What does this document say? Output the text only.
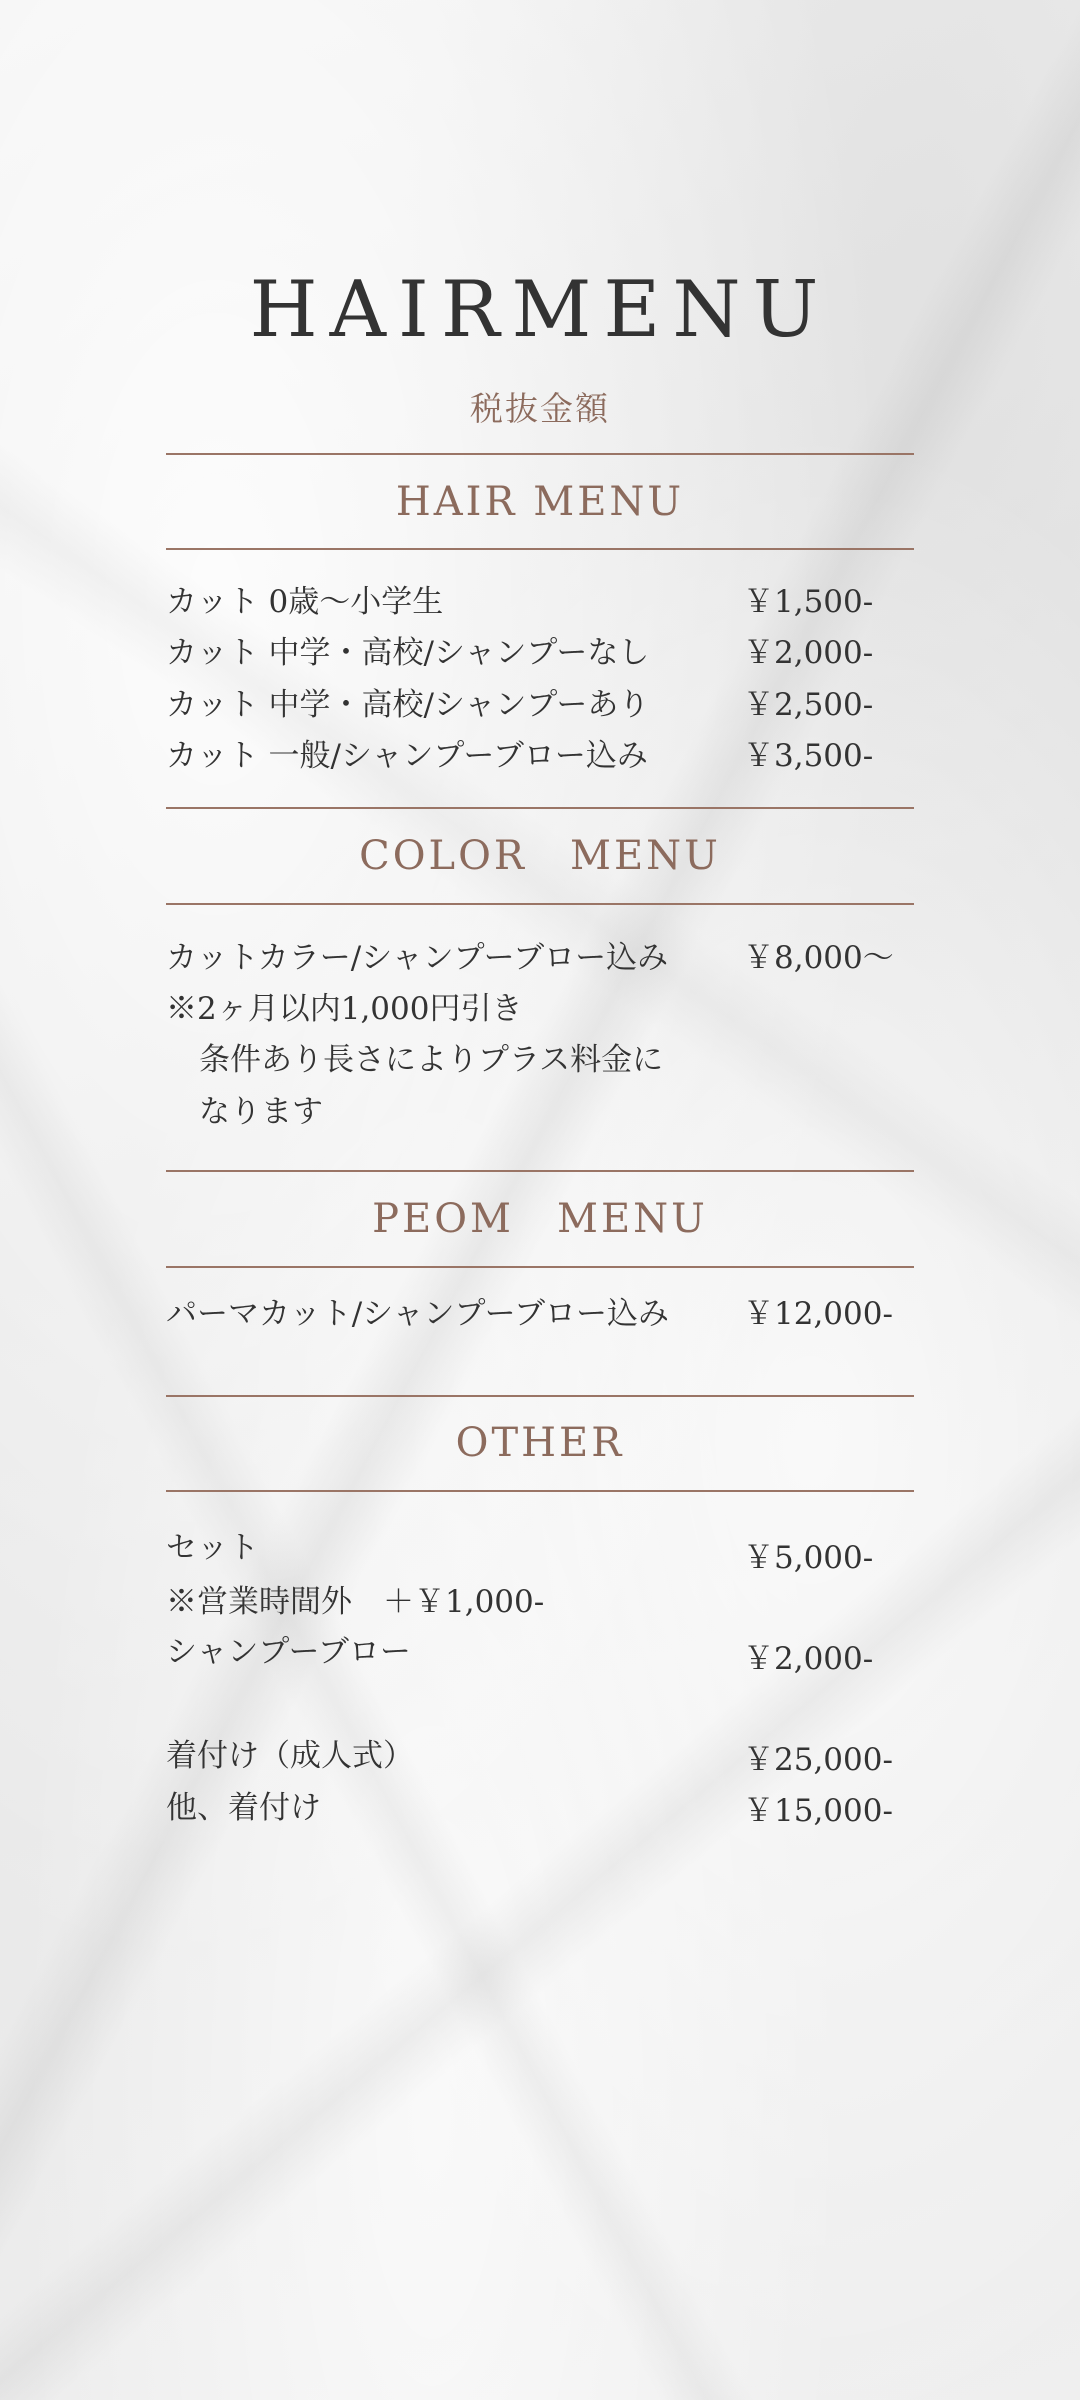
HAIRMENU
税抜金額
HAIR MENU
カット 0歳〜小学生	￥1,500-
カット 中学・高校/シャンプーなし	￥2,000-
カット 中学・高校/シャンプーあり	￥2,500-
カット 一般/シャンプーブロー込み	￥3,500-
COLOR　MENU
カットカラー/シャンプーブロー込み ￥8,000〜
※2ヶ月以内1,000円引き
条件あり長さによりプラス料金に
なります
PEOM　MENU
パーマカット/シャンプーブロー込み ￥12,000-
OTHER
セット	￥5,000-
※営業時間外　＋￥1,000-
シャンプーブロー	￥2,000-
着付け（成人式）	￥25,000-
他、着付け	￥15,000-
